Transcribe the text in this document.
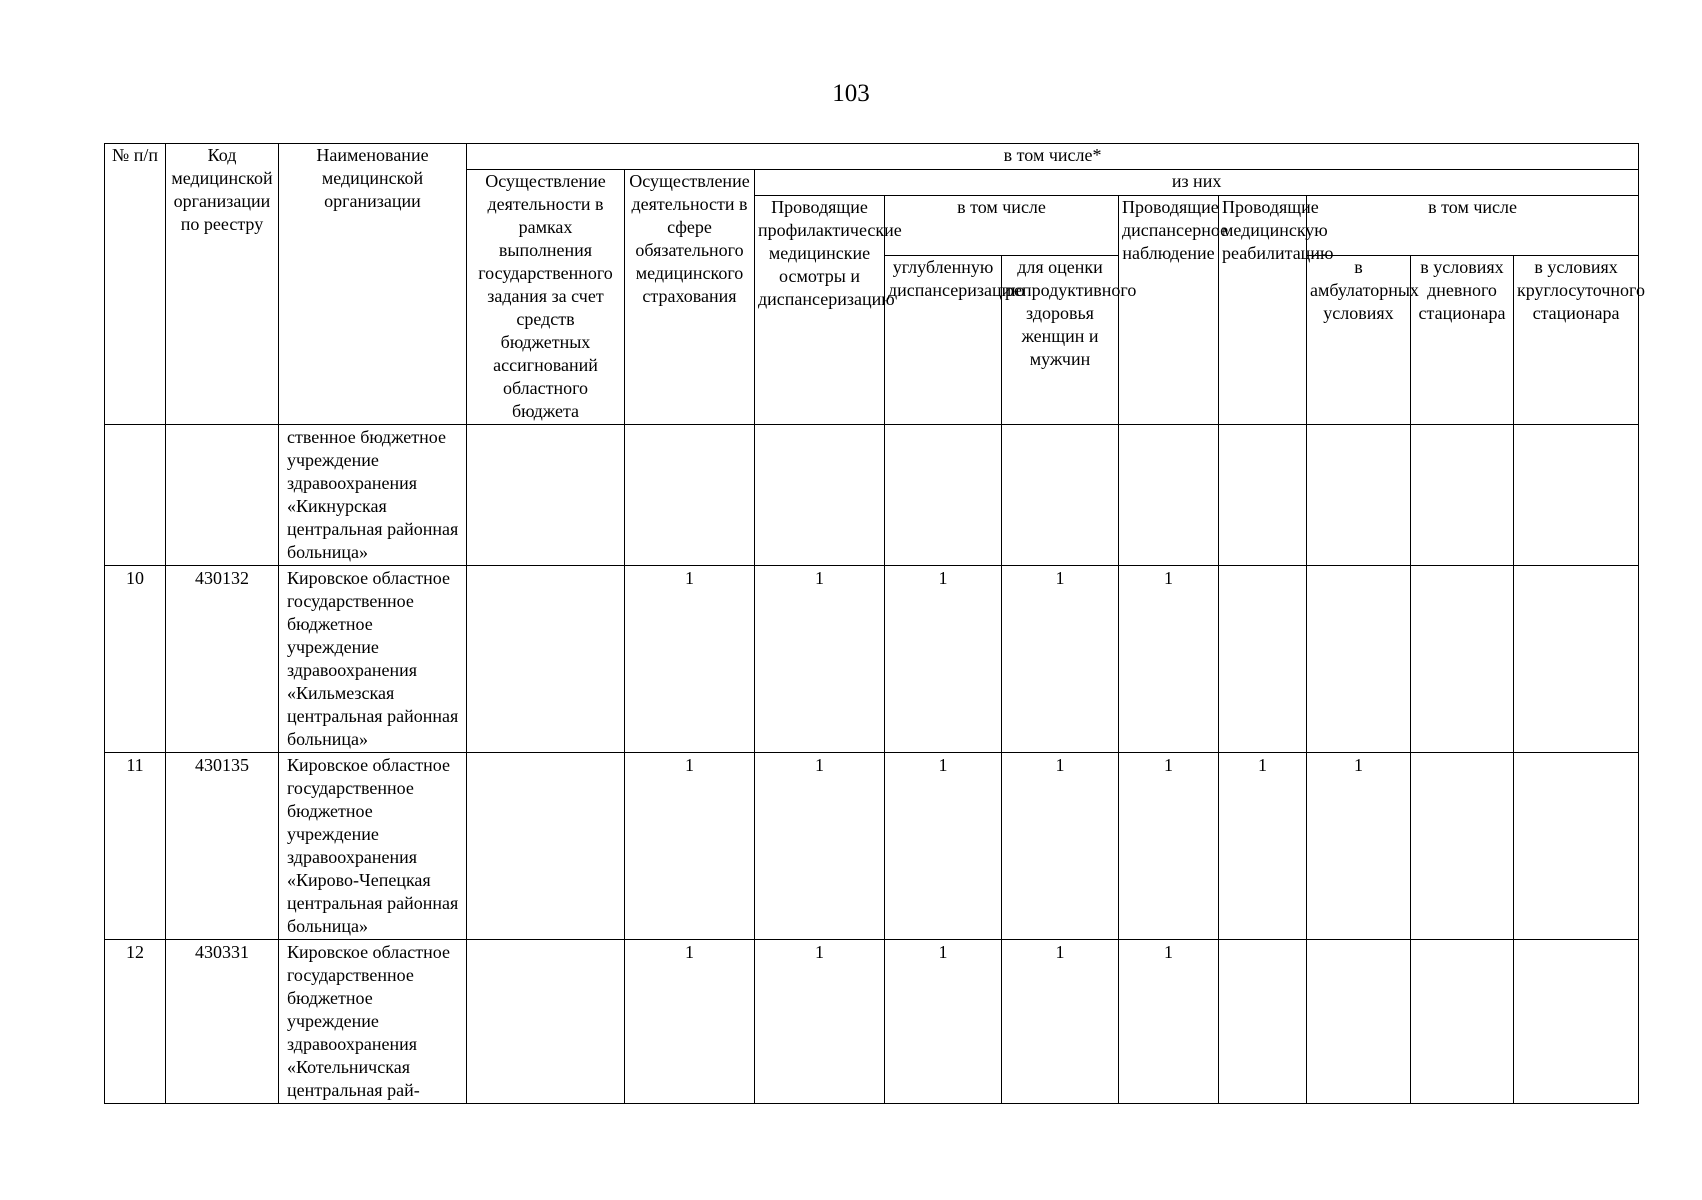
103
№ п/п	Код медицинской организации по реестру	Наименование медицинской организации	в том числе*									
			Осуществление деятельности в рамках выполнения государственного задания за счет средств бюджетных ассигнований областного бюджета	Осуществление деятельности в сфере обязательного медицинского страхования	из них							
					Проводящие профилактические медицинские осмотры и диспансеризацию	в том числе		Проводящие диспансерное наблюдение	Проводящие медицинскую реабилитацию	в том числе		
						углубленную диспансеризацию	для оценки репродуктивного здоровья женщин и мужчин			в амбулаторных условиях	в условиях дневного стационара	в условиях круглосуточного стационара
		ственное бюджетное учреждение здравоохранения «Кикнурская центральная районная больница»										
10	430132	Кировское областное государственное бюджетное учреждение здравоохранения «Кильмезская центральная районная больница»		1	1	1	1	1				
11	430135	Кировское областное государственное бюджетное учреждение здравоохранения «Кирово-Чепецкая центральная районная больница»		1	1	1	1	1	1	1		
12	430331	Кировское областное государственное бюджетное учреждение здравоохранения «Котельничская центральная рай-		1	1	1	1	1				
